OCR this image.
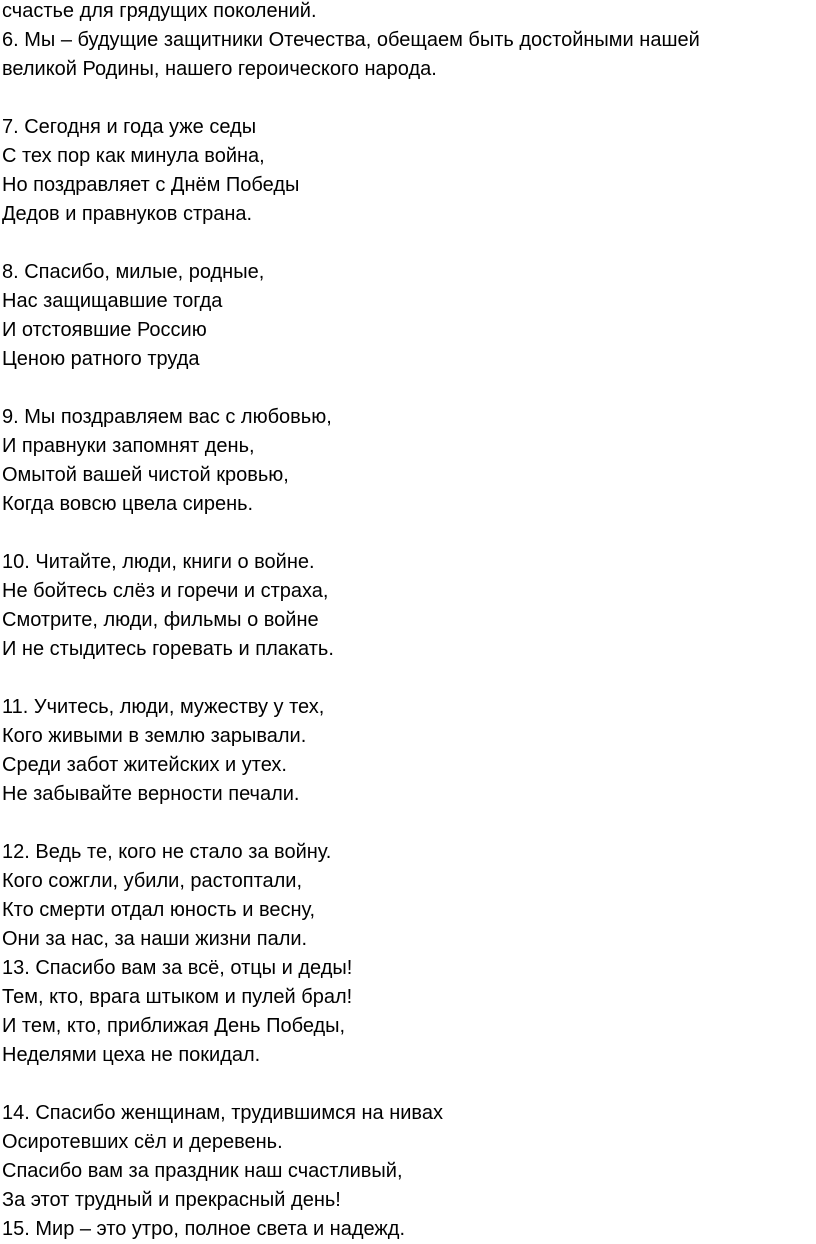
счастье для грядущих поколений.
6. Мы – будущие защитники Отечества, обещаем быть достойными нашей
великой Родины, нашего героического народа.
7. Сегодня и года уже седы
С тех пор как минула война,
Но поздравляет с Днём Победы
Дедов и правнуков страна.
8. Спасибо, милые, родные,
Нас защищавшие тогда
И отстоявшие Россию
Ценою ратного труда
9. Мы поздравляем вас с любовью,
И правнуки запомнят день,
Омытой вашей чистой кровью,
Когда вовсю цвела сирень.
10. Читайте, люди, книги о войне.
Не бойтесь слёз и горечи и страха,
Смотрите, люди, фильмы о войне
И не стыдитесь горевать и плакать.
11. Учитесь, люди, мужеству у тех,
Кого живыми в землю зарывали.
Среди забот житейских и утех.
Не забывайте верности печали.
12. Ведь те, кого не стало за войну.
Кого сожгли, убили, растоптали,
Кто смерти отдал юность и весну,
Они за нас, за наши жизни пали.
13. Спасибо вам за всё, отцы и деды!
Тем, кто, врага штыком и пулей брал!
И тем, кто, приближая День Победы,
Неделями цеха не покидал.
14. Спасибо женщинам, трудившимся на нивах
Осиротевших сёл и деревень.
Спасибо вам за праздник наш счастливый,
За этот трудный и прекрасный день!
15. Мир – это утро, полное света и надежд.
